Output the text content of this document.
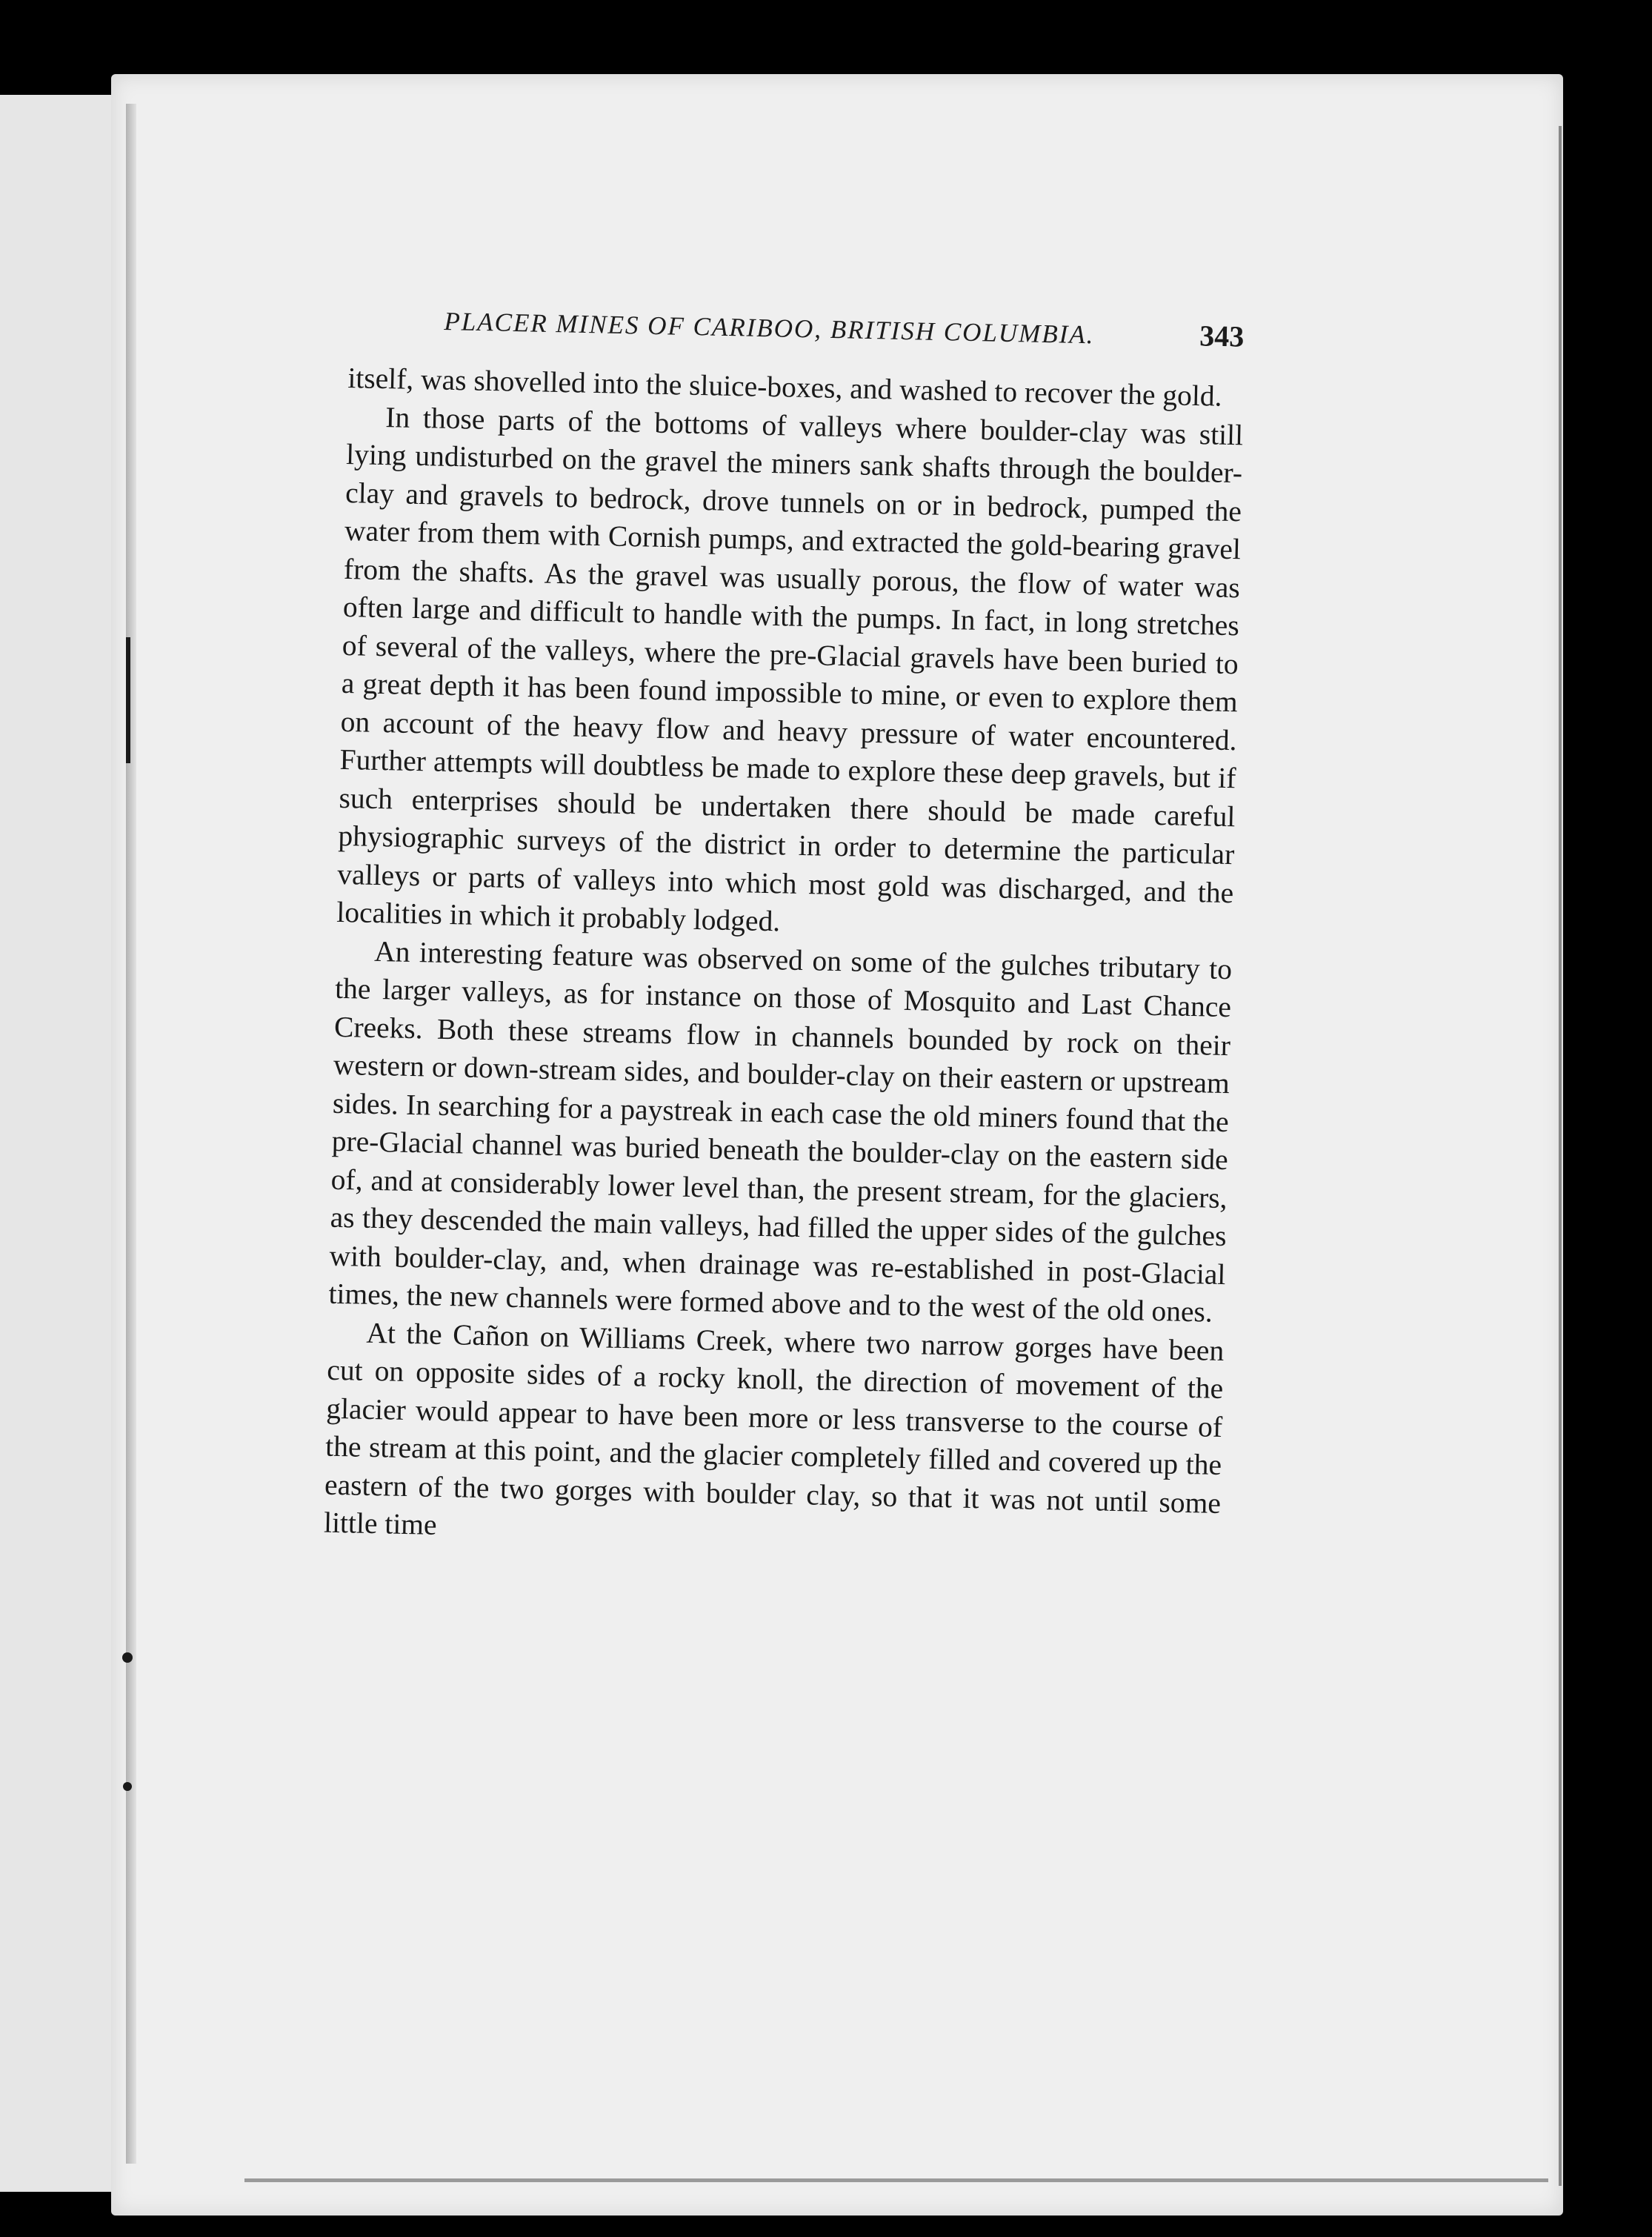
PLACER MINES OF CARIBOO, BRITISH COLUMBIA.	343

itself, was shovelled into the sluice-boxes, and washed to recover the gold.

In those parts of the bottoms of valleys where boulder-clay was still lying undisturbed on the gravel the miners sank shafts through the boulder-clay and gravels to bedrock, drove tunnels on or in bedrock, pumped the water from them with Cornish pumps, and extracted the gold-bearing gravel from the shafts. As the gravel was usually porous, the flow of water was often large and difficult to handle with the pumps. In fact, in long stretches of several of the valleys, where the pre-Glacial gravels have been buried to a great depth it has been found impossible to mine, or even to explore them on account of the heavy flow and heavy pressure of water encountered. Further attempts will doubtless be made to explore these deep gravels, but if such enterprises should be undertaken there should be made careful physiographic surveys of the district in order to determine the particular valleys or parts of valleys into which most gold was discharged, and the localities in which it probably lodged.

An interesting feature was observed on some of the gulches tributary to the larger valleys, as for instance on those of Mosquito and Last Chance Creeks. Both these streams flow in channels bounded by rock on their western or down-stream sides, and boulder-clay on their eastern or upstream sides. In searching for a paystreak in each case the old miners found that the pre-Glacial channel was buried beneath the boulder-clay on the eastern side of, and at considerably lower level than, the present stream, for the glaciers, as they descended the main valleys, had filled the upper sides of the gulches with boulder-clay, and, when drainage was re-established in post-Glacial times, the new channels were formed above and to the west of the old ones.

At the Cañon on Williams Creek, where two narrow gorges have been cut on opposite sides of a rocky knoll, the direction of movement of the glacier would appear to have been more or less transverse to the course of the stream at this point, and the glacier completely filled and covered up the eastern of the two gorges with boulder clay, so that it was not until some little time
